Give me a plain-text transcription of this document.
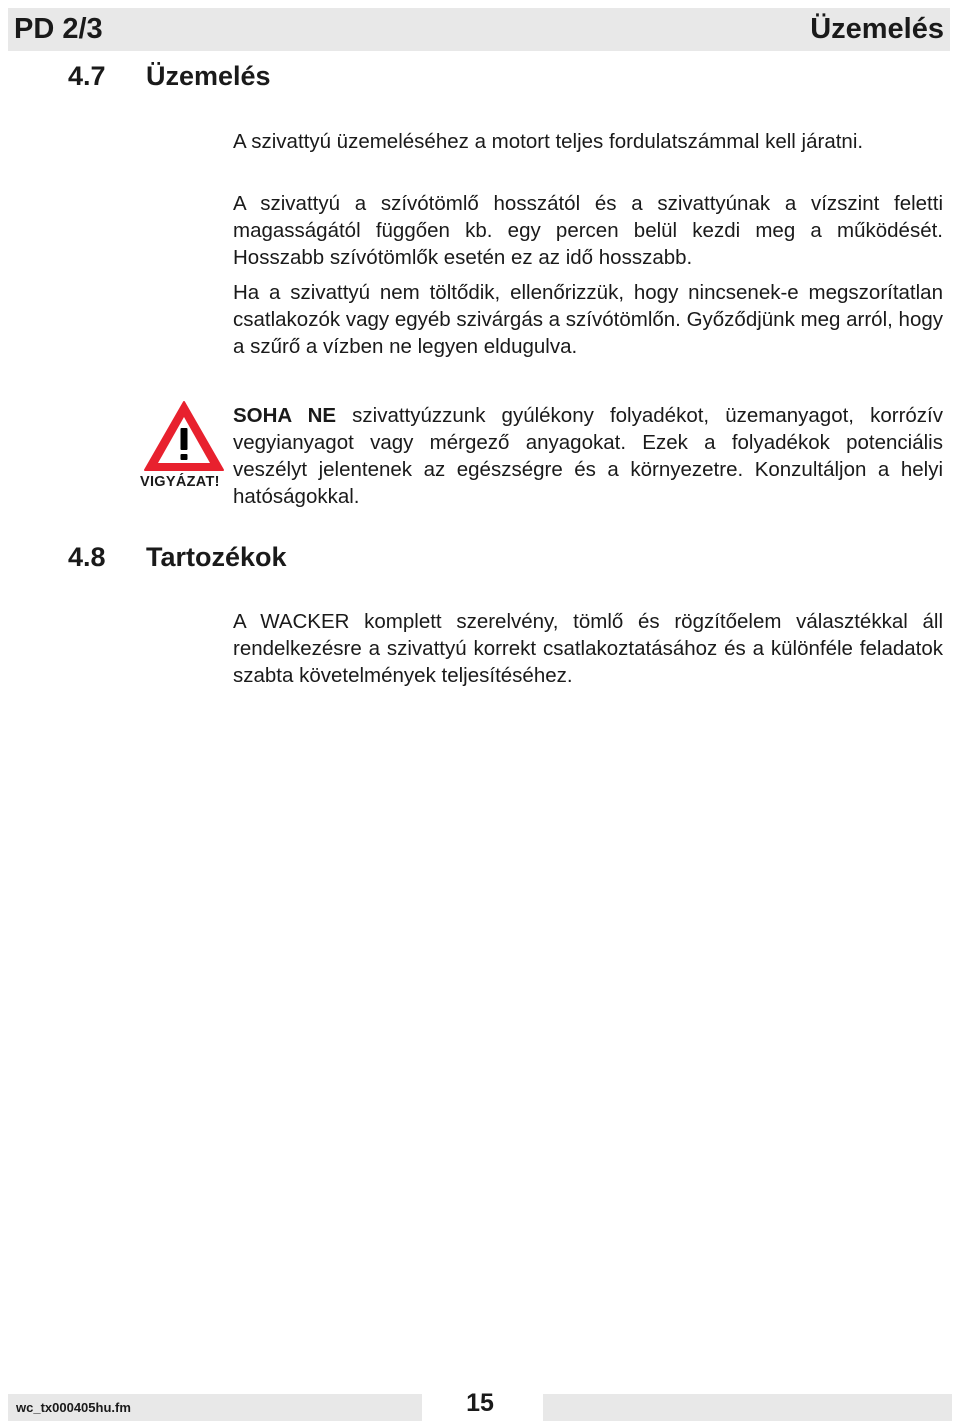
PD 2/3	Üzemelés
4.7 Üzemelés

A szivattyú üzemeléséhez a motort teljes fordulatszámmal kell járatni.

A szivattyú a szívótömlő hosszától és a szivattyúnak a vízszint feletti magasságától függően kb. egy percen belül kezdi meg a működését. Hosszabb szívótömlők esetén ez az idő hosszabb.

Ha a szivattyú nem töltődik, ellenőrizzük, hogy nincsenek-e megszorítatlan csatlakozók vagy egyéb szivárgás a szívótömlőn. Győződjünk meg arról, hogy a szűrő a vízben ne legyen eldugulva.

VIGYÁZAT!

SOHA NE szivattyúzzunk gyúlékony folyadékot, üzemanyagot, korrózív vegyianyagot vagy mérgező anyagokat. Ezek a folyadékok potenciális veszélyt jelentenek az egészségre és a környezetre. Konzultáljon a helyi hatóságokkal.

4.8 Tartozékok

A WACKER komplett szerelvény, tömlő és rögzítőelem választékkal áll rendelkezésre a szivattyú korrekt csatlakoztatásához és a különféle feladatok szabta követelmények teljesítéséhez.

wc_tx000405hu.fm	15
